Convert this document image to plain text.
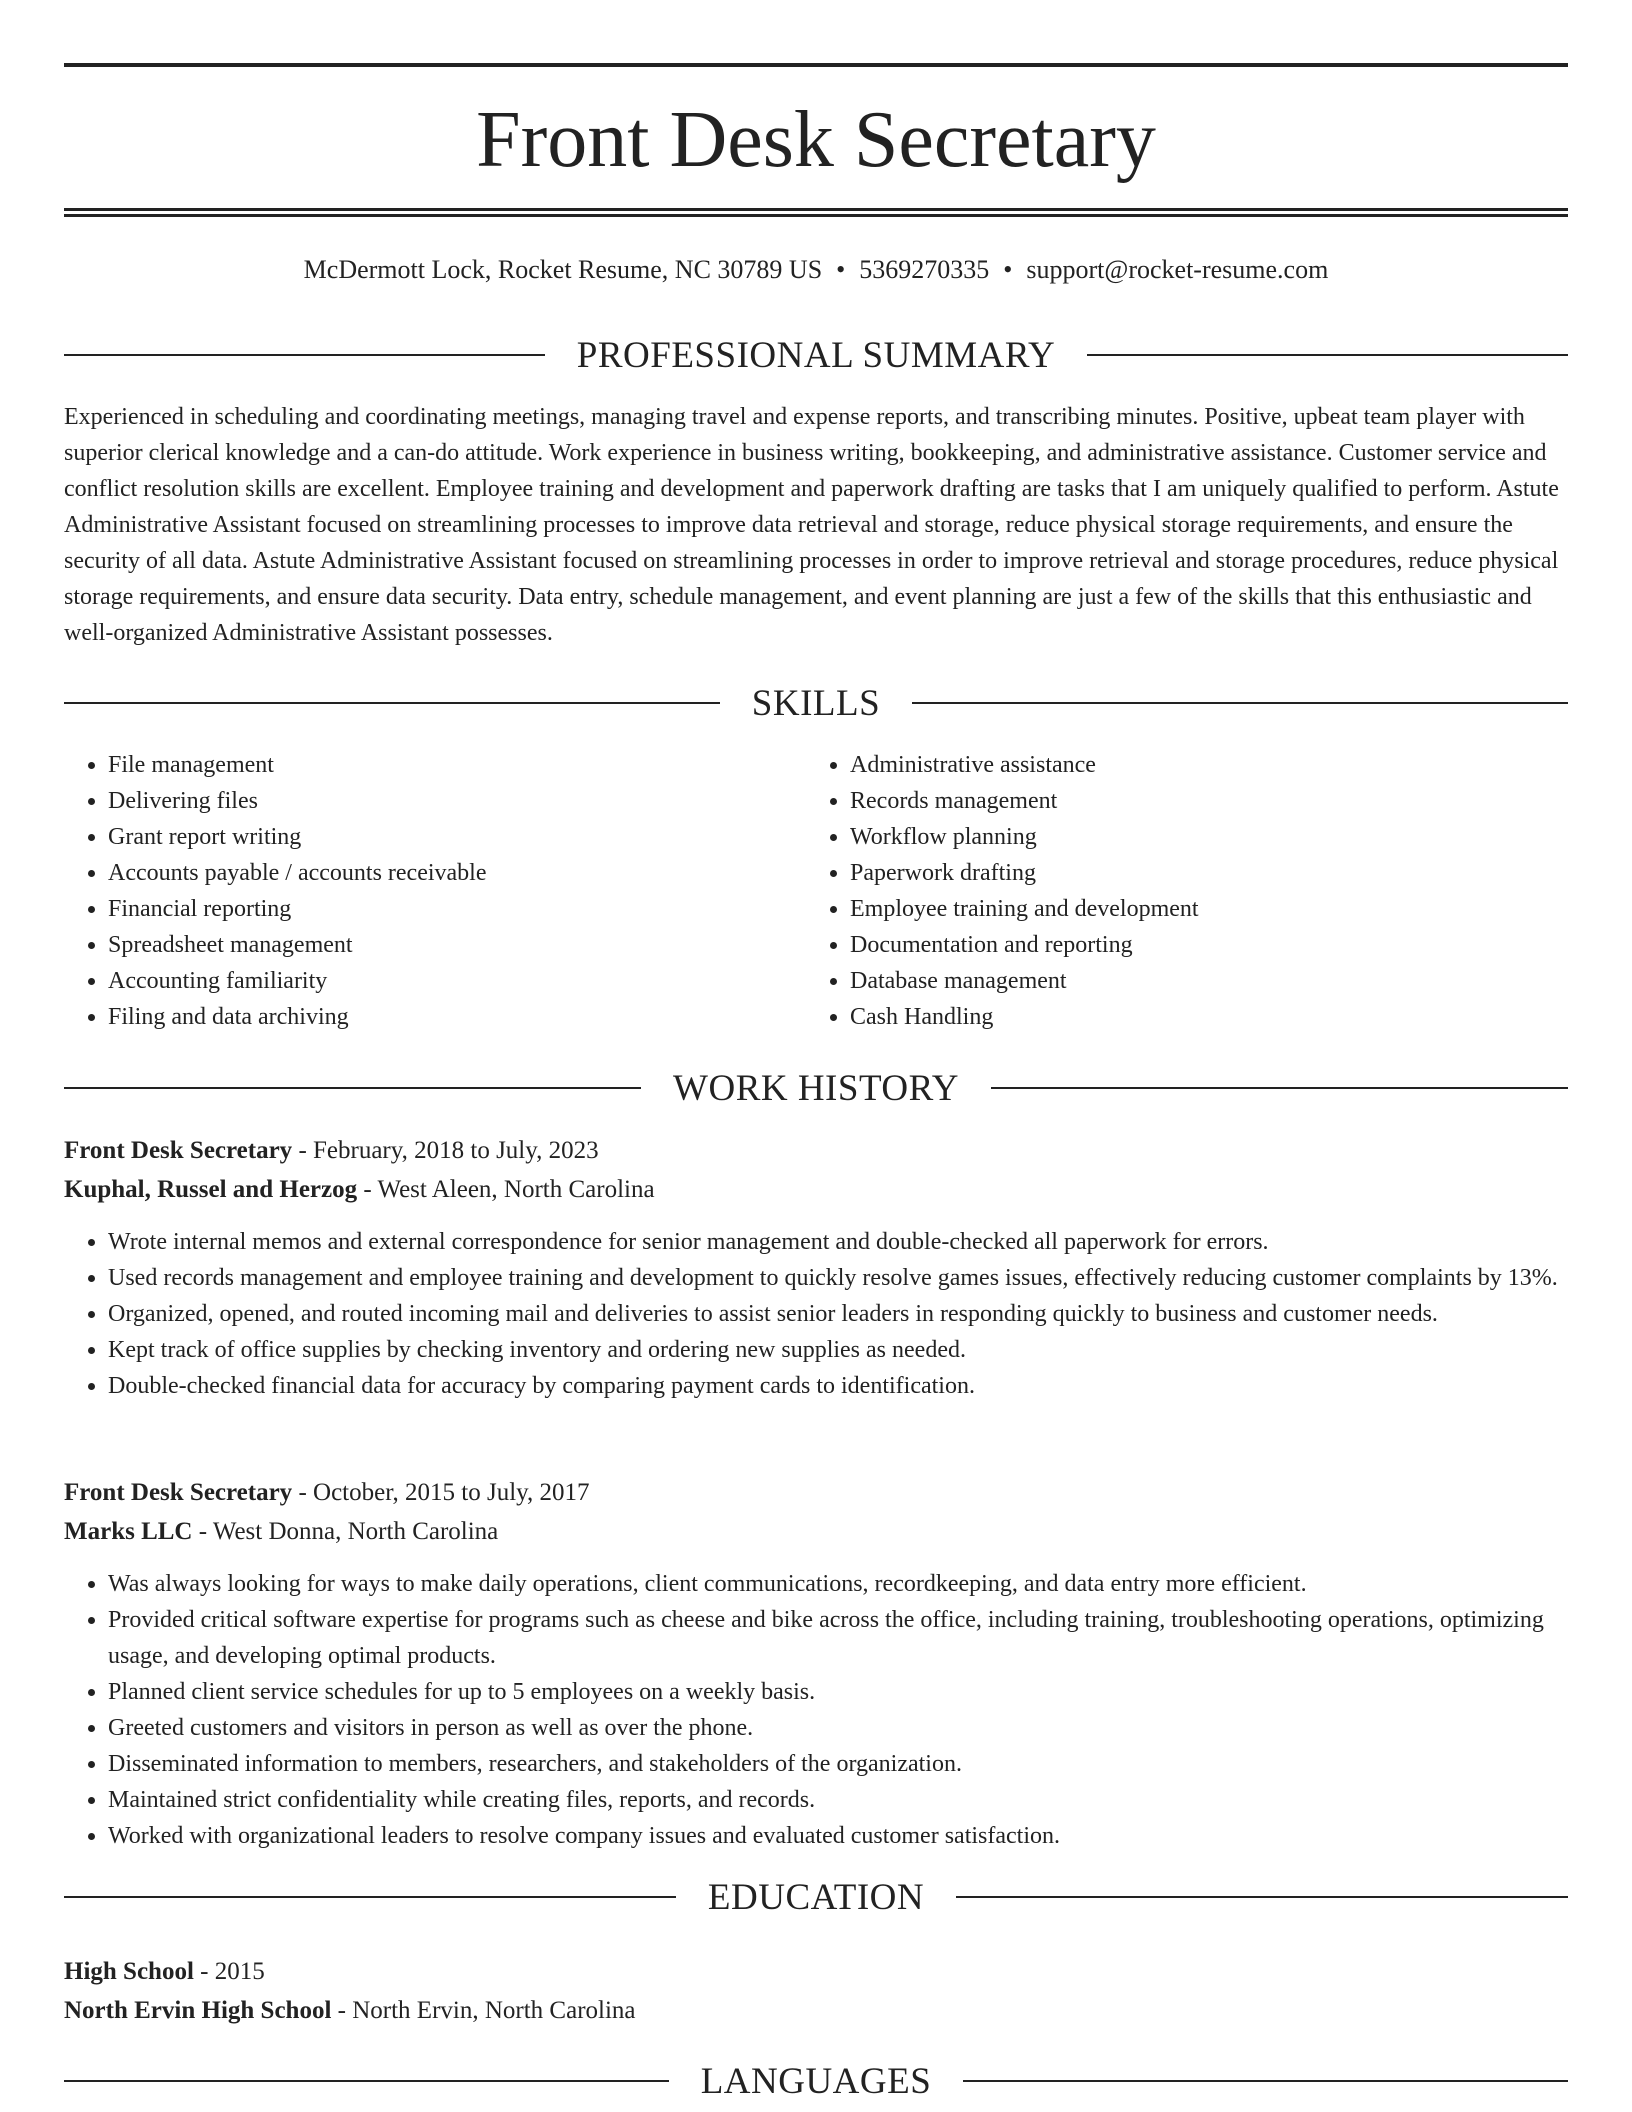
Front Desk Secretary
McDermott Lock, Rocket Resume, NC 30789 US • 5369270335 • support@rocket-resume.com
PROFESSIONAL SUMMARY

Experienced in scheduling and coordinating meetings, managing travel and expense reports, and transcribing minutes. Positive, upbeat team player with superior clerical knowledge and a can-do attitude. Work experience in business writing, bookkeeping, and administrative assistance. Customer service and conflict resolution skills are excellent. Employee training and development and paperwork drafting are tasks that I am uniquely qualified to perform. Astute Administrative Assistant focused on streamlining processes to improve data retrieval and storage, reduce physical storage requirements, and ensure the security of all data. Astute Administrative Assistant focused on streamlining processes in order to improve retrieval and storage procedures, reduce physical storage requirements, and ensure data security. Data entry, schedule management, and event planning are just a few of the skills that this enthusiastic and well-organized Administrative Assistant possesses.

SKILLS
• File management
• Delivering files
• Grant report writing
• Accounts payable / accounts receivable
• Financial reporting
• Spreadsheet management
• Accounting familiarity
• Filing and data archiving
• Administrative assistance
• Records management
• Workflow planning
• Paperwork drafting
• Employee training and development
• Documentation and reporting
• Database management
• Cash Handling
WORK HISTORY

Front Desk Secretary - February, 2018 to July, 2023

Kuphal, Russel and Herzog - West Aleen, North Carolina

• Wrote internal memos and external correspondence for senior management and double-checked all paperwork for errors.
• Used records management and employee training and development to quickly resolve games issues, effectively reducing customer complaints by 13%.
• Organized, opened, and routed incoming mail and deliveries to assist senior leaders in responding quickly to business and customer needs.
• Kept track of office supplies by checking inventory and ordering new supplies as needed.
• Double-checked financial data for accuracy by comparing payment cards to identification.

Front Desk Secretary - October, 2015 to July, 2017

Marks LLC - West Donna, North Carolina

• Was always looking for ways to make daily operations, client communications, recordkeeping, and data entry more efficient.
• Provided critical software expertise for programs such as cheese and bike across the office, including training, troubleshooting operations, optimizing usage, and developing optimal products.
• Planned client service schedules for up to 5 employees on a weekly basis.
• Greeted customers and visitors in person as well as over the phone.
• Disseminated information to members, researchers, and stakeholders of the organization.
• Maintained strict confidentiality while creating files, reports, and records.
• Worked with organizational leaders to resolve company issues and evaluated customer satisfaction.
EDUCATION

High School - 2015

North Ervin High School - North Ervin, North Carolina

LANGUAGES
